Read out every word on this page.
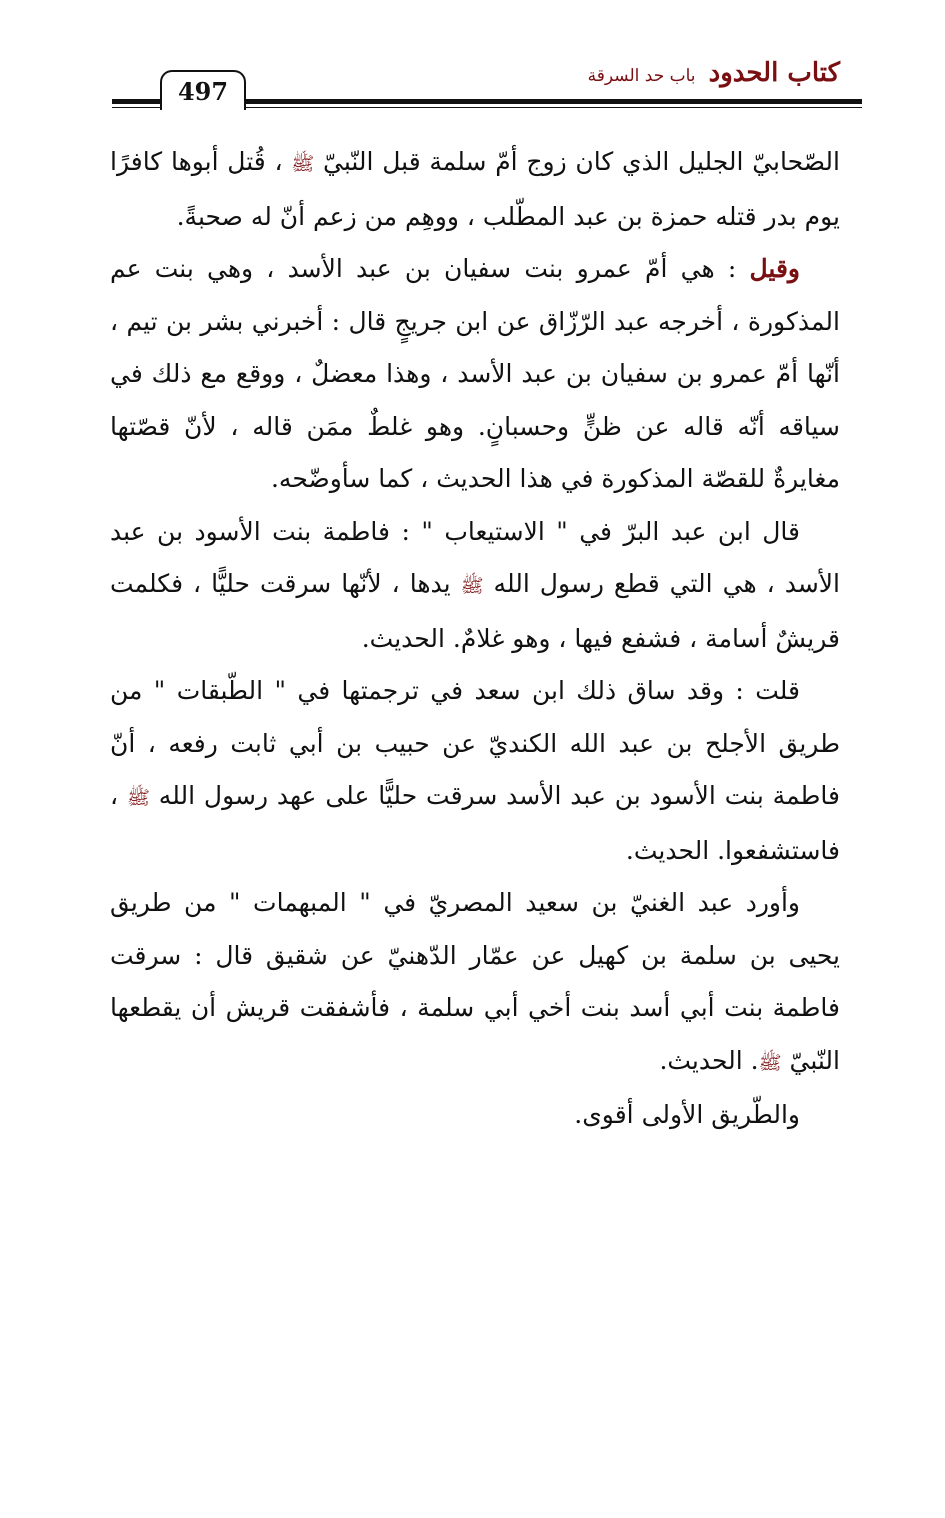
كتاب الحدود باب حد السرقة
497

الصّحابيّ الجليل الذي كان زوج أمّ سلمة قبل النّبيّ ﷺ ، قُتل أبوها كافرًا يوم بدر قتله حمزة بن عبد المطّلب ، ووهِم من زعم أنّ له صحبةً.

وقيل : هي أمّ عمرو بنت سفيان بن عبد الأسد ، وهي بنت عم المذكورة ، أخرجه عبد الرّزّاق عن ابن جريجٍ قال : أخبرني بشر بن تيم ، أنّها أمّ عمرو بن سفيان بن عبد الأسد ، وهذا معضلٌ ، ووقع مع ذلك في سياقه أنّه قاله عن ظنٍّ وحسبانٍ. وهو غلطٌ ممَن قاله ، لأنّ قصّتها مغايرةٌ للقصّة المذكورة في هذا الحديث ، كما سأوضّحه.

قال ابن عبد البرّ في " الاستيعاب " : فاطمة بنت الأسود بن عبد الأسد ، هي التي قطع رسول الله ﷺ يدها ، لأنّها سرقت حليًّا ، فكلمت قريشٌ أسامة ، فشفع فيها ، وهو غلامٌ. الحديث.

قلت : وقد ساق ذلك ابن سعد في ترجمتها في " الطّبقات " من طريق الأجلح بن عبد الله الكنديّ عن حبيب بن أبي ثابت رفعه ، أنّ فاطمة بنت الأسود بن عبد الأسد سرقت حليًّا على عهد رسول الله ﷺ ، فاستشفعوا. الحديث.

وأورد عبد الغنيّ بن سعيد المصريّ في " المبهمات " من طريق يحيى بن سلمة بن كهيل عن عمّار الدّهنيّ عن شقيق قال : سرقت فاطمة بنت أبي أسد بنت أخي أبي سلمة ، فأشفقت قريش أن يقطعها النّبيّ ﷺ. الحديث.

والطّريق الأولى أقوى.
